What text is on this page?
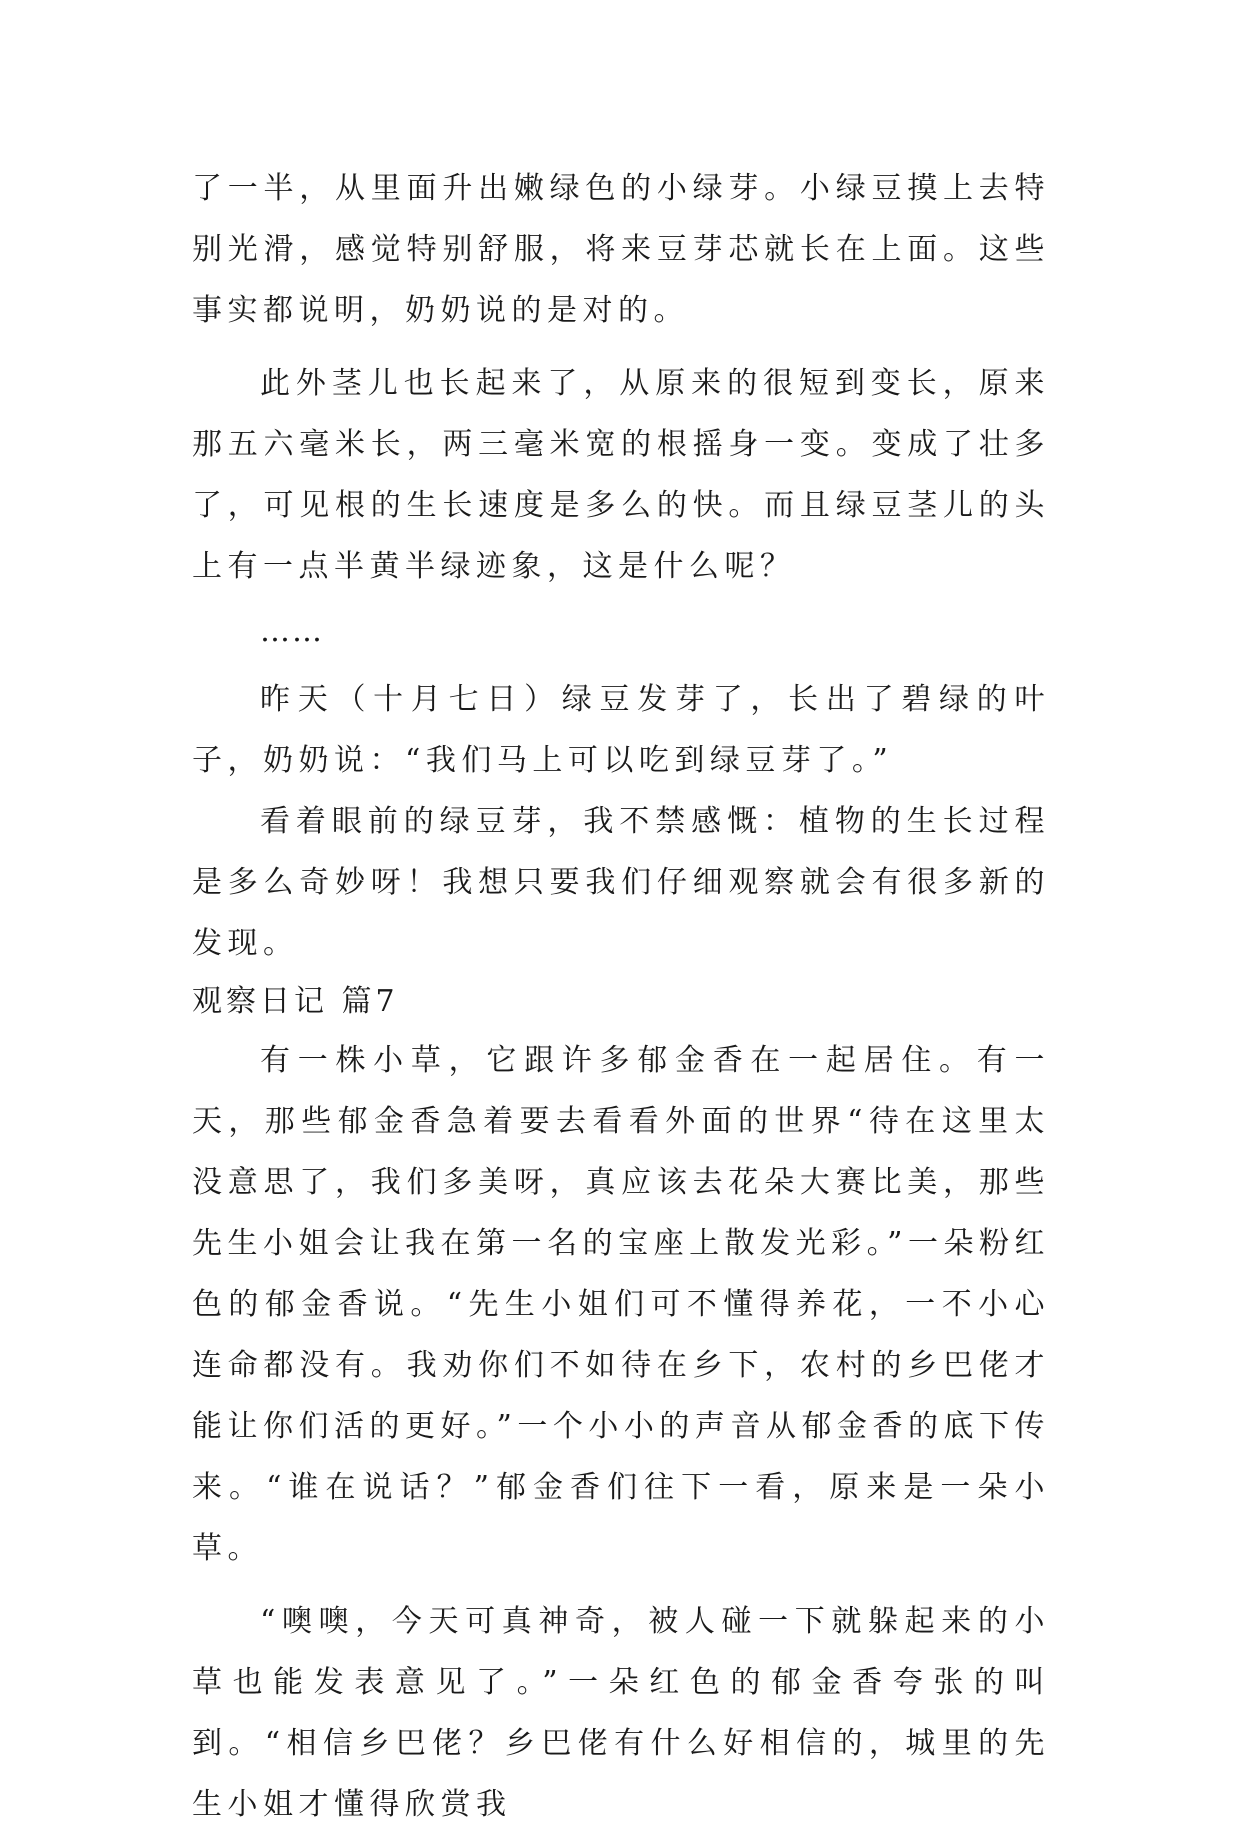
了一半，从里面升出嫩绿色的小绿芽。小绿豆摸上去特别光滑，感觉特别舒服，将来豆芽芯就长在上面。这些事实都说明，奶奶说的是对的。

此外茎儿也长起来了，从原来的很短到变长，原来那五六毫米长，两三毫米宽的根摇身一变。变成了壮多了，可见根的生长速度是多么的快。而且绿豆茎儿的头上有一点半黄半绿迹象，这是什么呢？

……

昨天（十月七日）绿豆发芽了，长出了碧绿的叶子，奶奶说：“我们马上可以吃到绿豆芽了。”

看着眼前的绿豆芽，我不禁感慨：植物的生长过程是多么奇妙呀！我想只要我们仔细观察就会有很多新的发现。

观察日记 篇7

有一株小草，它跟许多郁金香在一起居住。有一天，那些郁金香急着要去看看外面的世界“待在这里太没意思了，我们多美呀，真应该去花朵大赛比美，那些先生小姐会让我在第一名的宝座上散发光彩。”一朵粉红色的郁金香说。“先生小姐们可不懂得养花，一不小心连命都没有。我劝你们不如待在乡下，农村的乡巴佬才能让你们活的更好。”一个小小的声音从郁金香的底下传来。“谁在说话？”郁金香们往下一看，原来是一朵小草。

“噢噢，今天可真神奇，被人碰一下就躲起来的小草也能发表意见了。”一朵红色的郁金香夸张的叫到。“相信乡巴佬？乡巴佬有什么好相信的，城里的先生小姐才懂得欣赏我
